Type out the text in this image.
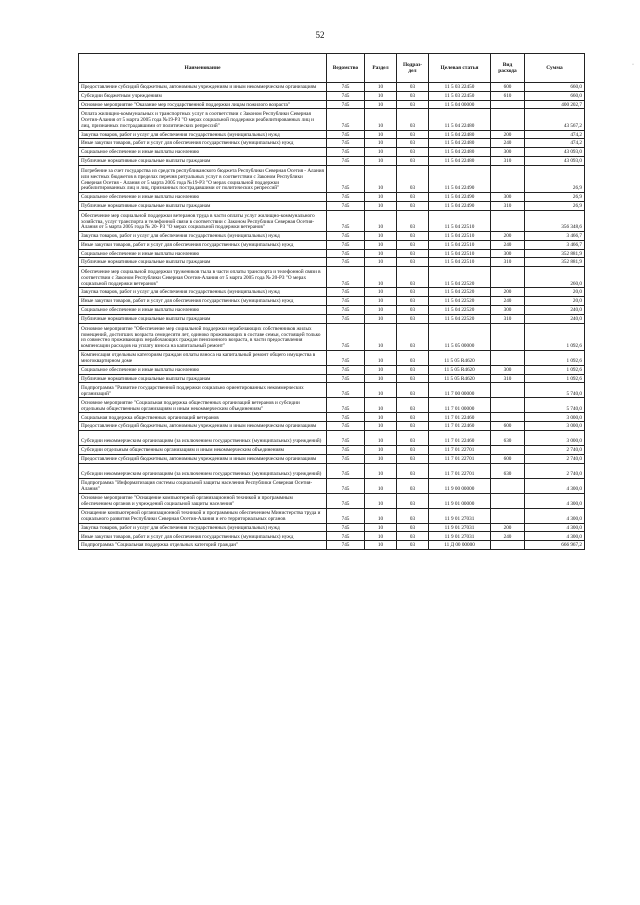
52
·
Наименование	Ведомство	Раздел	Подраз-дел	Целевая статья	Вид расхода	Сумма
Предоставление субсидий бюджетным, автономным учреждениям и иным некоммерческим организациям	745	10	03	11 5 03 22450	600	660,0
Субсидии бюджетным учреждениям	745	10	03	11 5 03 22450	610	660,0
Основное мероприятие "Оказание мер государственной поддержки лицам пожилого возраста"	745	10	03	11 5 04 00000		400 202,7
Оплата жилищно-коммунальных и транспортных услуг в соответствии с Законом Республики Северная Осетия-Алания от 5 марта 2005 года №19-РЗ "О мерах социальной поддержки реабилитированных лиц и лиц, признанных пострадавшими от политических репрессий"	745	10	03	11 5 04 22480		43 567,2
Закупка товаров, работ и услуг для обеспечения государственных (муниципальных) нужд	745	10	03	11 5 04 22480	200	474,2
Иные закупки товаров, работ и услуг для обеспечения государственных (муниципальных) нужд	745	10	03	11 5 04 22480	240	474,2
Социальное обеспечение и иные выплаты населению	745	10	03	11 5 04 22480	300	43 093,0
Публичные нормативные социальные выплаты гражданам	745	10	03	11 5 04 22480	310	43 093,0
Погребение за счет государства из средств республиканского бюджета Республики Северная Осетия - Алания или местных бюджетов в пределах перечня ритуальных услуг в соответствии с Законом Республики Северная Осетия - Алания от 5 марта 2005 года №19-РЗ "О мерах социальной поддержки реабилитированных лиц и лиц, признанных пострадавшими от политических репрессий"	745	10	03	11 5 04 22490		26,9
Социальное обеспечение и иные выплаты населению	745	10	03	11 5 04 22490	300	26,9
Публичные нормативные социальные выплаты гражданам	745	10	03	11 5 04 22490	310	26,9
Обеспечение мер социальной поддержки ветеранов труда в части оплаты услуг жилищно-коммунального хозяйства, услуг транспорта и телефонной связи в соответствии с Законом Республики Северная Осетия-Алания от 5 марта 2005 года № 20- РЗ "О мерах социальной поддержки ветеранов"	745	10	03	11 5 04 22510		356 348,6
Закупка товаров, работ и услуг для обеспечения государственных (муниципальных) нужд	745	10	03	11 5 04 22510	200	3 466,7
Иные закупки товаров, работ и услуг для обеспечения государственных (муниципальных) нужд	745	10	03	11 5 04 22510	240	3 466,7
Социальное обеспечение и иные выплаты населению	745	10	03	11 5 04 22510	300	352 881,9
Публичные нормативные социальные выплаты гражданам	745	10	03	11 5 04 22510	310	352 881,9
Обеспечение мер социальной поддержки тружеников тыла в части оплаты транспорта и телефонной связи в соответствии с Законом Республики Северная Осетия-Алания от 5 марта 2005 года № 20-РЗ "О мерах социальной поддержки ветеранов"	745	10	03	11 5 04 22520		260,0
Закупка товаров, работ и услуг для обеспечения государственных (муниципальных) нужд	745	10	03	11 5 04 22520	200	20,0
Иные закупки товаров, работ и услуг для обеспечения государственных (муниципальных) нужд	745	10	03	11 5 04 22520	240	20,0
Социальное обеспечение и иные выплаты населению	745	10	03	11 5 04 22520	300	240,0
Публичные нормативные социальные выплаты гражданам	745	10	03	11 5 04 22520	310	240,0
Основное мероприятие "Обеспечение мер социальной поддержки нерабочающих собственников жилых помещений, достигших возраста семидесяти лет, одиноко проживающих в составе семьи, состоящей только из совместно проживающих нерабочающих граждан пенсионного возраста, в части предоставления компенсации расходов на уплату взноса на капитальный ремонт"	745	10	03	11 5 05 00000		1 092,6
Компенсация отдельным категориям граждан оплаты взноса на капитальный ремонт общего имущества в многоквартирном доме	745	10	03	11 5 05 R4620		1 092,6
Социальное обеспечение и иные выплаты населению	745	10	03	11 5 05 R4620	300	1 092,6
Публичные нормативные социальные выплаты гражданам	745	10	03	11 5 05 R4620	310	1 092,6
Подпрограмма "Развитие государственной поддержки социально ориентированных некоммерческих организаций"	745	10	03	11 7 00 00000		5 740,0
Основное мероприятие "Социальная поддержка общественных организаций ветеранов и субсидии отдельным общественным организациям и иным некоммерческим объединениям"	745	10	03	11 7 01 00000		5 740,0
Социальная поддержка общественных организаций ветеранов	745	10	03	11 7 01 22460		3 000,0
Предоставление субсидий бюджетным, автономным учреждениям и иным некоммерческим организациям	745	10	03	11 7 01 22460	600	3 000,0
Субсидии некоммерческим организациям (за исключением государственных (муниципальных) учреждений)	745	10	03	11 7 01 22460	630	3 000,0
Субсидии отдельным общественным организациям и иным некоммерческим объединениям	745	10	03	11 7 01 22701		2 740,0
Предоставление субсидий бюджетным, автономным учреждениям и иным некоммерческим организациям	745	10	03	11 7 01 22701	600	2 740,0
Субсидии некоммерческим организациям (за исключением государственных (муниципальных) учреждений)	745	10	03	11 7 01 22701	630	2 740,0
Подпрограмма "Информатизация системы социальной защиты населения Республики Северная Осетия-Алания"	745	10	03	11 9 00 00000		4 300,0
Основное мероприятие "Оснащение компьютерной организационной техникой и программным обеспечением органов и учреждений социальной защиты населения"	745	10	03	11 9 01 00000		4 300,0
Оснащение компьютерной организационной техникой и программным обеспечением Министерства труда и социального развития Республики Северная Осетия-Алания и его территориальных органов	745	10	03	11 9 01 27031		4 300,0
Закупка товаров, работ и услуг для обеспечения государственных (муниципальных) нужд	745	10	03	11 9 01 27031	200	4 300,0
Иные закупки товаров, работ и услуг для обеспечения государственных (муниципальных) нужд	745	10	03	11 9 01 27031	240	4 300,0
Подпрограмма "Социальная поддержка отдельных категорий граждан"	745	10	03	11 Д 00 00000		666 967,2
